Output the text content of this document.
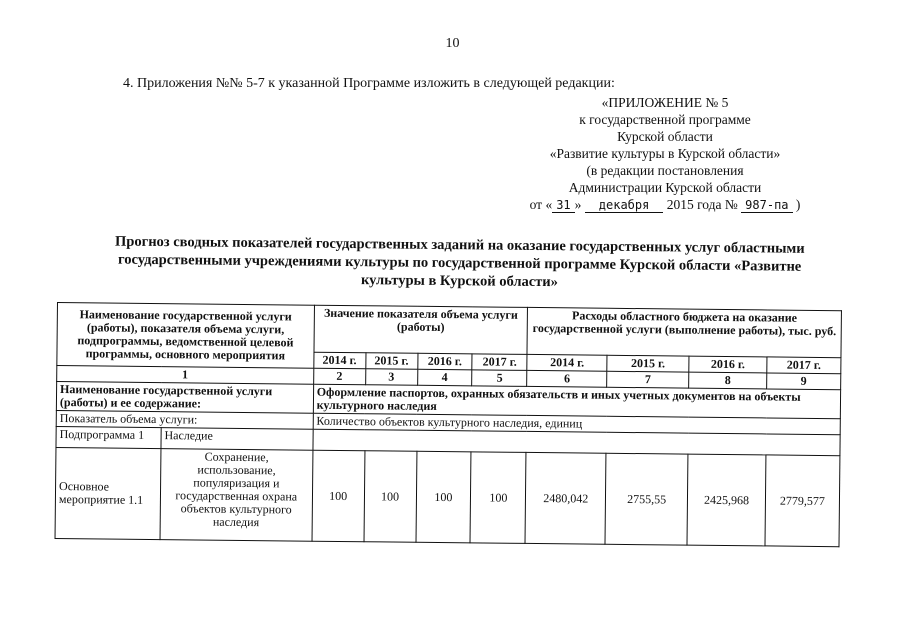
10
4. Приложения №№ 5-7 к указанной Программе изложить в следующей редакции:
«ПРИЛОЖЕНИЕ № 5
к государственной программе
Курской области
«Развитие культуры в Курской области»
(в редакции постановления
Администрации Курской области
от « 31 » декабря 2015 года № 987-па )
Прогноз сводных показателей государственных заданий на оказание государственных услуг областными
государственными учреждениями культуры по государственной программе Курской области «Развитне
культуры в Курской области»
Наименование государственной услуги (работы), показателя объема услуги, подпрограммы, ведомственной целевой программы, основного мероприятия		Значение показателя объема услуги (работы)				Расходы областного бюджета на оказание государственной услуги (выполнение работы), тыс. руб.			
		2014 г.	2015 г.	2016 г.	2017 г.	2014 г.	2015 г.	2016 г.	2017 г.
1		2	3	4	5	6	7	8	9
Наименование государственной услуги (работы) и ее содержание:		Оформление паспортов, охранных обязательств и иных учетных документов на объекты культурного наследия							
Показатель объема услуги:		Количество объектов культурного наследия, единиц							
Подпрограмма 1	Наследие								
Основное мероприятие 1.1	Сохранение, использование, популяризация и государственная охрана объектов культурного наследия	100	100	100	100	2480,042	2755,55	2425,968	2779,577
